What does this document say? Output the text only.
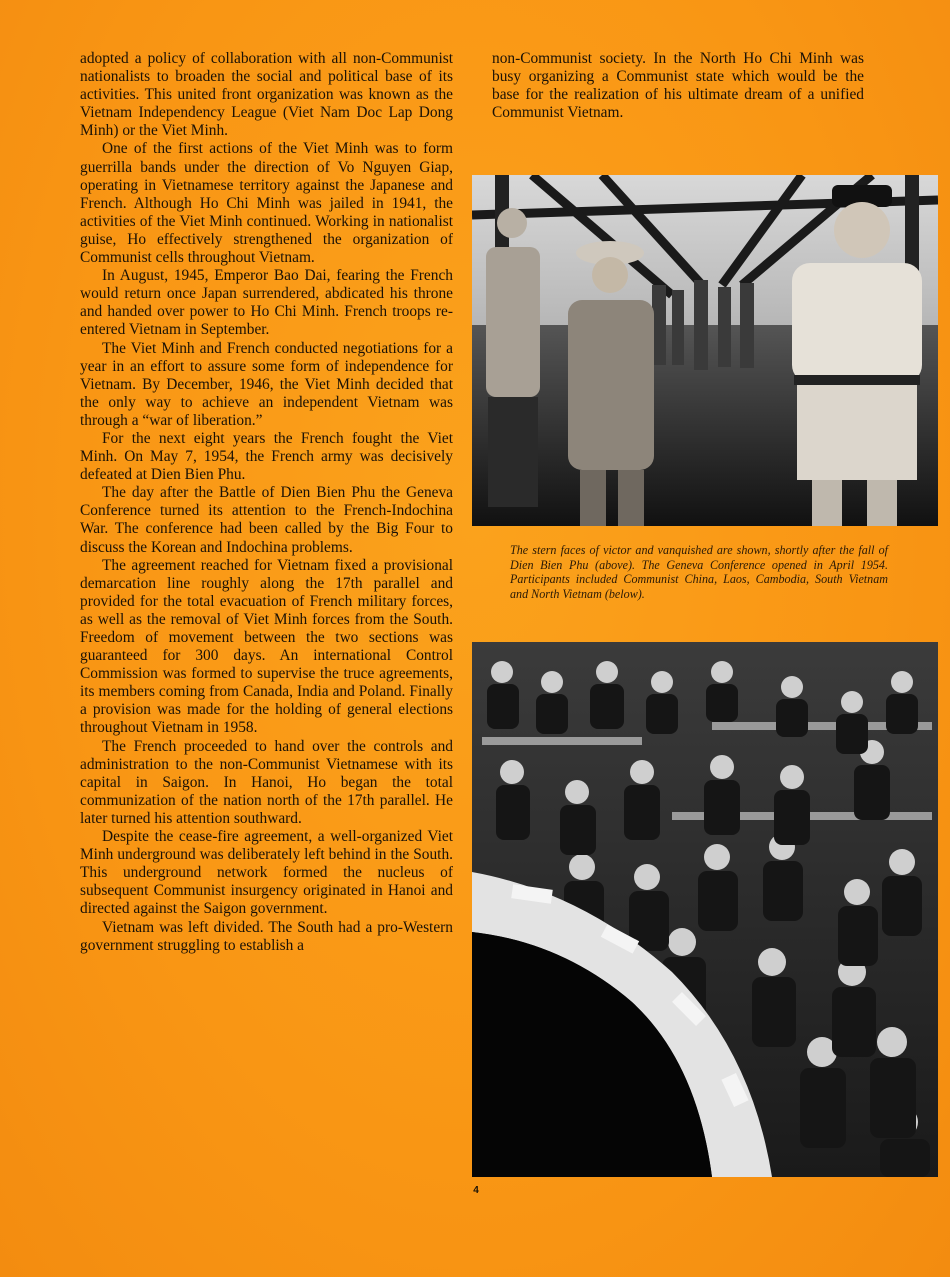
adopted a policy of collaboration with all non-Communist nationalists to broaden the social and political base of its activities. This united front organization was known as the Vietnam Independency League (Viet Nam Doc Lap Dong Minh) or the Viet Minh.

One of the first actions of the Viet Minh was to form guerrilla bands under the direction of Vo Nguyen Giap, operating in Vietnamese territory against the Japanese and French. Although Ho Chi Minh was jailed in 1941, the activities of the Viet Minh continued. Working in nationalist guise, Ho effectively strengthened the organization of Communist cells throughout Vietnam.

In August, 1945, Emperor Bao Dai, fearing the French would return once Japan surrendered, abdicated his throne and handed over power to Ho Chi Minh. French troops re-entered Vietnam in September.

The Viet Minh and French conducted negotiations for a year in an effort to assure some form of independence for Vietnam. By December, 1946, the Viet Minh decided that the only way to achieve an independent Vietnam was through a “war of liberation.”

For the next eight years the French fought the Viet Minh. On May 7, 1954, the French army was decisively defeated at Dien Bien Phu.

The day after the Battle of Dien Bien Phu the Geneva Conference turned its attention to the French-Indochina War. The conference had been called by the Big Four to discuss the Korean and Indochina problems.

The agreement reached for Vietnam fixed a provisional demarcation line roughly along the 17th parallel and provided for the total evacuation of French military forces, as well as the removal of Viet Minh forces from the South. Freedom of movement between the two sections was guaranteed for 300 days. An international Control Commission was formed to supervise the truce agreements, its members coming from Canada, India and Poland. Finally a provision was made for the holding of general elections throughout Vietnam in 1958.

The French proceeded to hand over the controls and administration to the non-Communist Vietnamese with its capital in Saigon. In Hanoi, Ho began the total communization of the nation north of the 17th parallel. He later turned his attention southward.

Despite the cease-fire agreement, a well-organized Viet Minh underground was deliberately left behind in the South. This underground network formed the nucleus of subsequent Communist insurgency originated in Hanoi and directed against the Saigon government.

Vietnam was left divided. The South had a pro-Western government struggling to establish a

non-Communist society. In the North Ho Chi Minh was busy organizing a Communist state which would be the base for the realization of his ultimate dream of a unified Communist Vietnam.

The stern faces of victor and vanquished are shown, shortly after the fall of Dien Bien Phu (above). The Geneva Conference opened in April 1954. Participants included Communist China, Laos, Cambodia, South Vietnam and North Vietnam (below).
4
